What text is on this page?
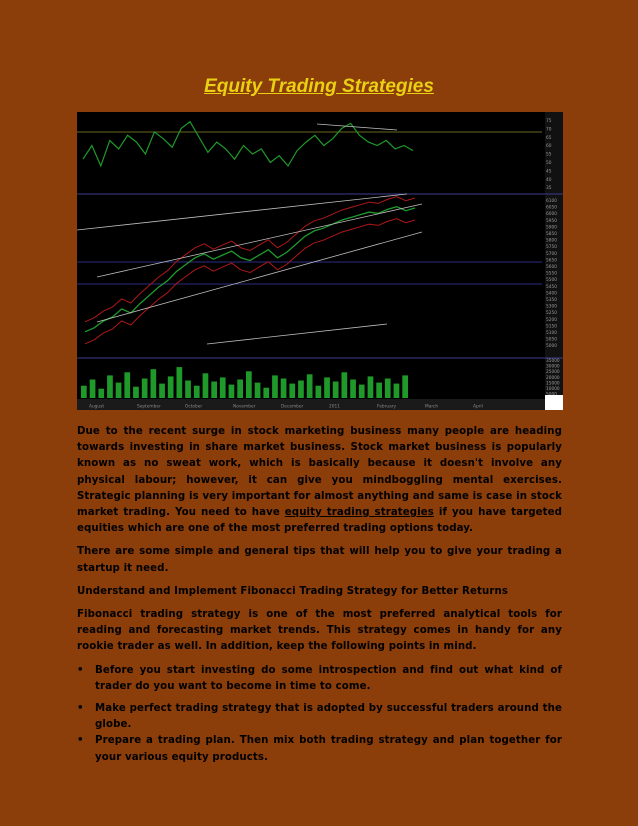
Equity Trading Strategies
75
70
65
60
55
50
45
40
35
6100
6050
6000
5950
5900
5850
5800
5750
5700
5650
5600
5550
5500
5450
5400
5350
5300
5250
5200
5150
5100
5050
5000
35000
30000
25000
20000
15000
10000
August	September	October	November	December	2011	February	March	April

Due to the recent surge in stock marketing business many people are heading towards investing in share market business. Stock market business is popularly known as no sweat work, which is basically because it doesn't involve any physical labour; however, it can give you mindboggling mental exercises. Strategic planning is very important for almost anything and same is case in stock market trading. You need to have equity trading strategies if you have targeted equities which are one of the most preferred trading options today.

There are some simple and general tips that will help you to give your trading a startup it need.

Understand and Implement Fibonacci Trading Strategy for Better Returns

Fibonacci trading strategy is one of the most preferred analytical tools for reading and forecasting market trends. This strategy comes in handy for any rookie trader as well. In addition, keep the following points in mind.

• Before you start investing do some introspection and find out what kind of trader do you want to become in time to come.
• Make perfect trading strategy that is adopted by successful traders around the globe.
• Prepare a trading plan. Then mix both trading strategy and plan together for your various equity products.
